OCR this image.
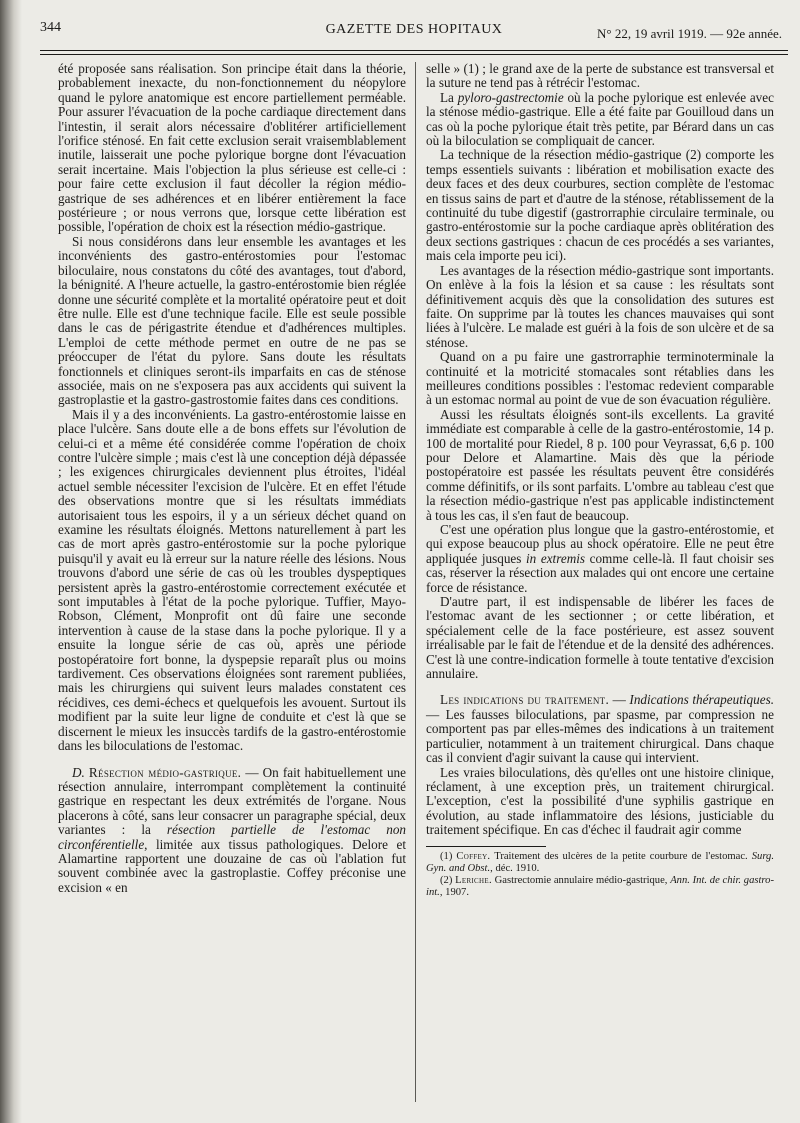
344	GAZETTE DES HOPITAUX	N° 22, 19 avril 1919. — 92e année.

été proposée sans réalisation. Son principe était dans la théorie, probablement inexacte, du non-fonctionnement du néopylore quand le pylore anatomique est encore partiellement perméable. Pour assurer l'évacuation de la poche cardiaque directement dans l'intestin, il serait alors nécessaire d'oblitérer artificiellement l'orifice sténosé. En fait cette exclusion serait vraisemblablement inutile, laisserait une poche pylorique borgne dont l'évacuation serait incertaine. Mais l'objection la plus sérieuse est celle-ci : pour faire cette exclusion il faut décoller la région médio-gastrique de ses adhérences et en libérer entièrement la face postérieure ; or nous verrons que, lorsque cette libération est possible, l'opération de choix est la résection médio-gastrique.

Si nous considérons dans leur ensemble les avantages et les inconvénients des gastro-entérostomies pour l'estomac biloculaire, nous constatons du côté des avantages, tout d'abord, la bénignité. A l'heure actuelle, la gastro-entérostomie bien réglée donne une sécurité complète et la mortalité opératoire peut et doit être nulle. Elle est d'une technique facile. Elle est seule possible dans le cas de périgastrite étendue et d'adhérences multiples. L'emploi de cette méthode permet en outre de ne pas se préoccuper de l'état du pylore. Sans doute les résultats fonctionnels et cliniques seront-ils imparfaits en cas de sténose associée, mais on ne s'exposera pas aux accidents qui suivent la gastroplastie et la gastro-gastrostomie faites dans ces conditions.

Mais il y a des inconvénients. La gastro-entérostomie laisse en place l'ulcère. Sans doute elle a de bons effets sur l'évolution de celui-ci et a même été considérée comme l'opération de choix contre l'ulcère simple ; mais c'est là une conception déjà dépassée ; les exigences chirurgicales deviennent plus étroites, l'idéal actuel semble nécessiter l'excision de l'ulcère. Et en effet l'étude des observations montre que si les résultats immédiats autorisaient tous les espoirs, il y a un sérieux déchet quand on examine les résultats éloignés. Mettons naturellement à part les cas de mort après gastro-entérostomie sur la poche pylorique puisqu'il y avait eu là erreur sur la nature réelle des lésions. Nous trouvons d'abord une série de cas où les troubles dyspeptiques persistent après la gastro-entérostomie correctement exécutée et sont imputables à l'état de la poche pylorique. Tuffier, Mayo-Robson, Clément, Monprofit ont dû faire une seconde intervention à cause de la stase dans la poche pylorique. Il y a ensuite la longue série de cas où, après une période postopératoire fort bonne, la dyspepsie reparaît plus ou moins tardivement. Ces observations éloignées sont rarement publiées, mais les chirurgiens qui suivent leurs malades constatent ces récidives, ces demi-échecs et quelquefois les avouent. Surtout ils modifient par la suite leur ligne de conduite et c'est là que se discernent le mieux les insuccès tardifs de la gastro-entérostomie dans les biloculations de l'estomac.

D. Résection médio-gastrique. — On fait habituellement une résection annulaire, interrompant complètement la continuité gastrique en respectant les deux extrémités de l'organe. Nous placerons à côté, sans leur consacrer un paragraphe spécial, deux variantes : la résection partielle de l'estomac non circonférentielle, limitée aux tissus pathologiques. Delore et Alamartine rapportent une douzaine de cas où l'ablation fut souvent combinée avec la gastroplastie. Coffey préconise une excision « en

selle » (1) ; le grand axe de la perte de substance est transversal et la suture ne tend pas à rétrécir l'estomac.

La pyloro-gastrectomie où la poche pylorique est enlevée avec la sténose médio-gastrique. Elle a été faite par Gouilloud dans un cas où la poche pylorique était très petite, par Bérard dans un cas où la biloculation se compliquait de cancer.

La technique de la résection médio-gastrique (2) comporte les temps essentiels suivants : libération et mobilisation exacte des deux faces et des deux courbures, section complète de l'estomac en tissus sains de part et d'autre de la sténose, rétablissement de la continuité du tube digestif (gastrorraphie circulaire terminale, ou gastro-entérostomie sur la poche cardiaque après oblitération des deux sections gastriques : chacun de ces procédés a ses variantes, mais cela importe peu ici).

Les avantages de la résection médio-gastrique sont importants. On enlève à la fois la lésion et sa cause : les résultats sont définitivement acquis dès que la consolidation des sutures est faite. On supprime par là toutes les chances mauvaises qui sont liées à l'ulcère. Le malade est guéri à la fois de son ulcère et de sa sténose.

Quand on a pu faire une gastrorraphie terminoterminale la continuité et la motricité stomacales sont rétablies dans les meilleures conditions possibles : l'estomac redevient comparable à un estomac normal au point de vue de son évacuation régulière.

Aussi les résultats éloignés sont-ils excellents. La gravité immédiate est comparable à celle de la gastro-entérostomie, 14 p. 100 de mortalité pour Riedel, 8 p. 100 pour Veyrassat, 6,6 p. 100 pour Delore et Alamartine. Mais dès que la période postopératoire est passée les résultats peuvent être considérés comme définitifs, or ils sont parfaits. L'ombre au tableau c'est que la résection médio-gastrique n'est pas applicable indistinctement à tous les cas, il s'en faut de beaucoup.

C'est une opération plus longue que la gastro-entérostomie, et qui expose beaucoup plus au shock opératoire. Elle ne peut être appliquée jusques in extremis comme celle-là. Il faut choisir ses cas, réserver la résection aux malades qui ont encore une certaine force de résistance.

D'autre part, il est indispensable de libérer les faces de l'estomac avant de les sectionner ; or cette libération, et spécialement celle de la face postérieure, est assez souvent irréalisable par le fait de l'étendue et de la densité des adhérences. C'est là une contre-indication formelle à toute tentative d'excision annulaire.

Les indications du traitement. — Indications thérapeutiques. — Les fausses biloculations, par spasme, par compression ne comportent pas par elles-mêmes des indications à un traitement particulier, notamment à un traitement chirurgical. Dans chaque cas il convient d'agir suivant la cause qui intervient.

Les vraies biloculations, dès qu'elles ont une histoire clinique, réclament, à une exception près, un traitement chirurgical. L'exception, c'est la possibilité d'une syphilis gastrique en évolution, au stade inflammatoire des lésions, justiciable du traitement spécifique. En cas d'échec il faudrait agir comme

(1) Coffey. Traitement des ulcères de la petite courbure de l'estomac. Surg. Gyn. and Obst., déc. 1910.

(2) Leriche. Gastrectomie annulaire médio-gastrique, Ann. Int. de chir. gastro-int., 1907.
